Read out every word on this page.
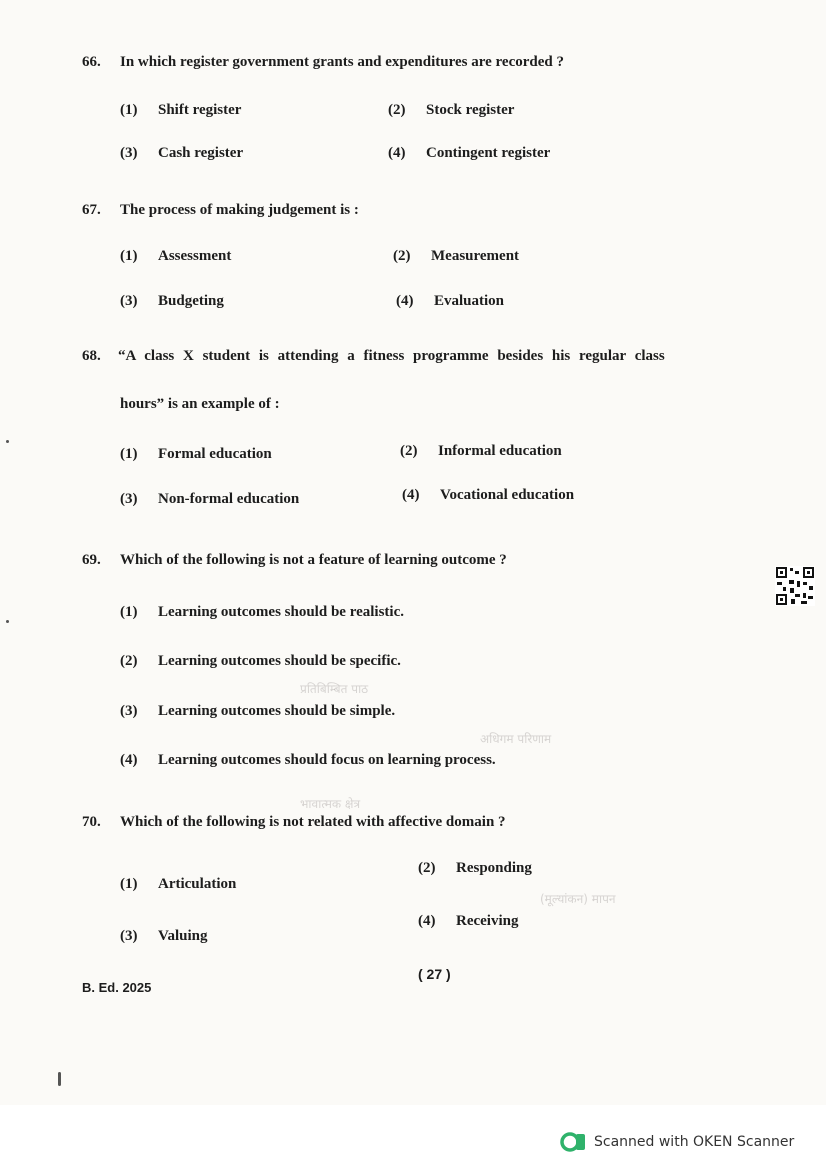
प्रतिबिम्बित पाठ
अधिगम परिणाम
भावात्मक क्षेत्र
(मूल्यांकन) मापन
66. In which register government grants and expenditures are recorded ?
(1) Shift register	(2) Stock register
(3) Cash register	(4) Contingent register
67. The process of making judgement is :
(1) Assessment	(2) Measurement
(3) Budgeting	(4) Evaluation
68. “A class X student is attending a fitness programme besides his regular class
hours” is an example of :
(1) Formal education	(2) Informal education
(3) Non-formal education	(4) Vocational education
69. Which of the following is not a feature of learning outcome ?
(1) Learning outcomes should be realistic.
(2) Learning outcomes should be specific.
(3) Learning outcomes should be simple.
(4) Learning outcomes should focus on learning process.
70. Which of the following is not related with affective domain ?
(1) Articulation
(2) Responding
(3) Valuing
(4) Receiving
( 27 )
B. Ed. 2025
Scanned with OKEN Scanner
